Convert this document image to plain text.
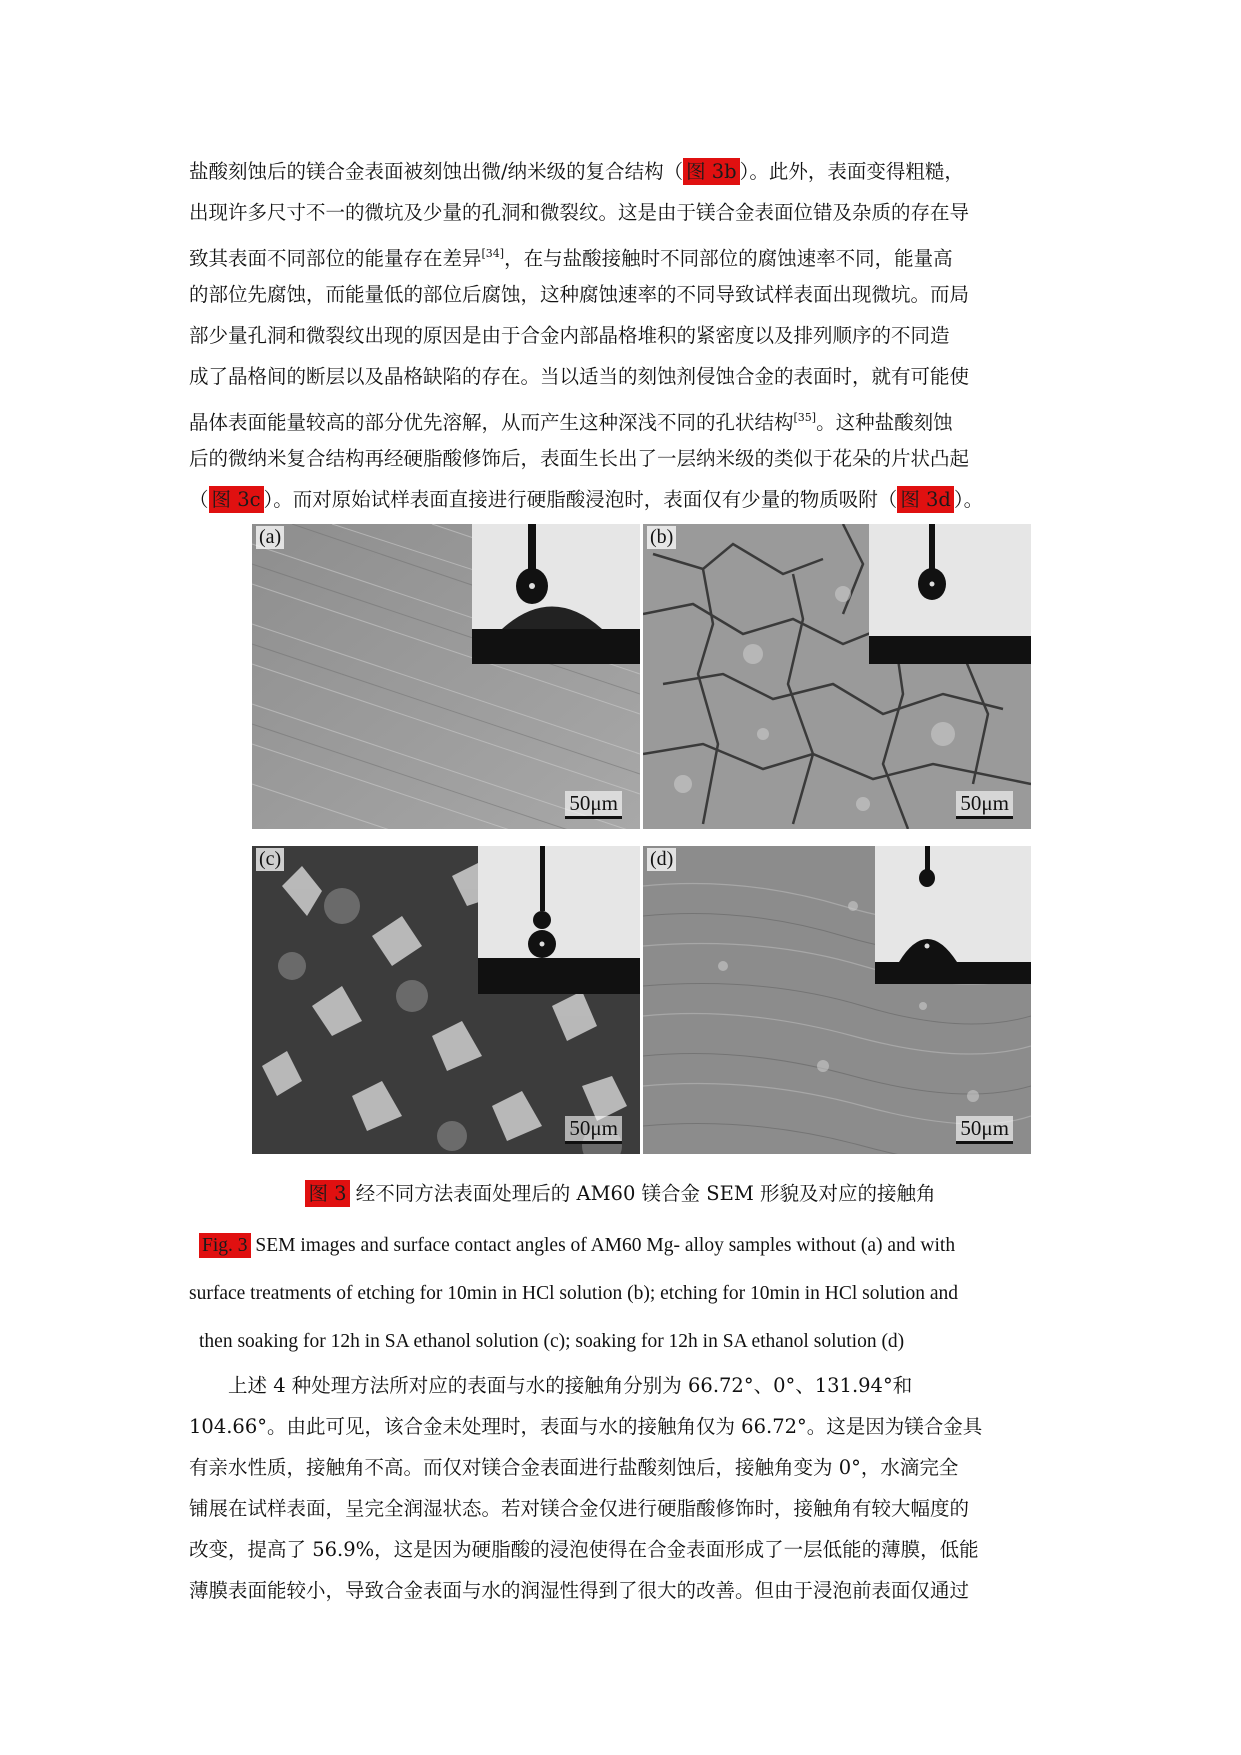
盐酸刻蚀后的镁合金表面被刻蚀出微/纳米级的复合结构（ 图 3b ）。此外，表面变得粗糙，
出现许多尺寸不一的微坑及少量的孔洞和微裂纹。这是由于镁合金表面位错及杂质的存在导
致其表面不同部位的能量存在差异[34]，在与盐酸接触时不同部位的腐蚀速率不同，能量高
的部位先腐蚀，而能量低的部位后腐蚀，这种腐蚀速率的不同导致试样表面出现微坑。而局
部少量孔洞和微裂纹出现的原因是由于合金内部晶格堆积的紧密度以及排列顺序的不同造
成了晶格间的断层以及晶格缺陷的存在。当以适当的刻蚀剂侵蚀合金的表面时，就有可能使
晶体表面能量较高的部分优先溶解，从而产生这种深浅不同的孔状结构[35]。这种盐酸刻蚀
后的微纳米复合结构再经硬脂酸修饰后，表面生长出了一层纳米级的类似于花朵的片状凸起
（ 图 3c ）。而对原始试样表面直接进行硬脂酸浸泡时，表面仅有少量的物质吸附（ 图 3d ）。
(a)
50μm
(b)
50μm
(c)
50μm
(d)
50μm
图 3 经不同方法表面处理后的 AM60 镁合金 SEM 形貌及对应的接触角
Fig. 3 SEM images and surface contact angles of AM60 Mg- alloy samples without (a) and with
surface treatments of etching for 10min in HCl solution (b); etching for 10min in HCl solution and
then soaking for 12h in SA ethanol solution (c); soaking for 12h in SA ethanol solution (d)
上述 4 种处理方法所对应的表面与水的接触角分别为 66.72°、0°、131.94°和
104.66°。由此可见，该合金未处理时，表面与水的接触角仅为 66.72°。这是因为镁合金具
有亲水性质，接触角不高。而仅对镁合金表面进行盐酸刻蚀后，接触角变为 0°，水滴完全
铺展在试样表面，呈完全润湿状态。若对镁合金仅进行硬脂酸修饰时，接触角有较大幅度的
改变，提高了 56.9%，这是因为硬脂酸的浸泡使得在合金表面形成了一层低能的薄膜，低能
薄膜表面能较小，导致合金表面与水的润湿性得到了很大的改善。但由于浸泡前表面仅通过
